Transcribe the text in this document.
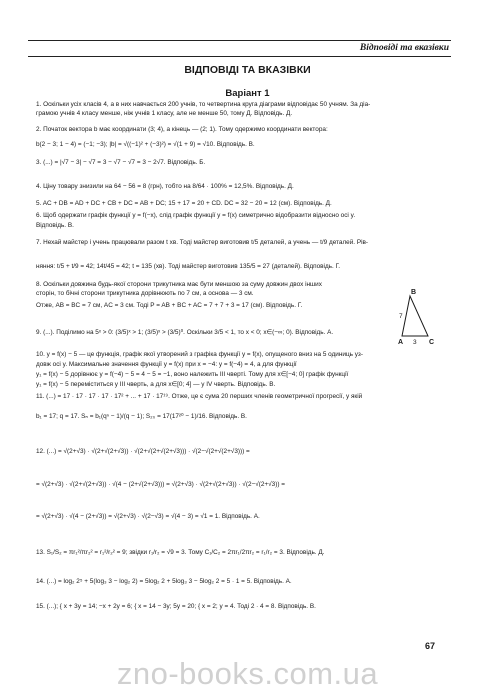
Відповіді та вказівки
ВІДПОВІДІ ТА ВКАЗІВКИ
Варіант 1
1. Оскільки усіх класів 4, а в них навчається 200 учнів, то четвертина круга діаграми відповідає 50 учням. За діа-
грамою учнів 4 класу менше, ніж учнів 1 класу, але не менше 50, тому Д. Відповідь. Д.
2. Початок вектора b має координати (3; 4), а кінець — (2; 1). Тому одержимо координати вектора:
b(2 − 3; 1 − 4) = (−1; −3); |b| = √((−1)² + (−3)²) = √(1 + 9) = √10. Відповідь. В.
3. (...) = |√7 − 3| − √7 = 3 − √7 − √7 = 3 − 2√7. Відповідь. Б.
4. Ціну товару знизили на 64 − 56 = 8 (грн), тобто на 8/64 · 100% = 12,5%. Відповідь. Д.
5. AC + DB = AD + DC + CB + DC = AB + DC; 15 + 17 = 20 + CD. DC = 32 − 20 = 12 (см). Відповідь. Д.
6. Щоб одержати графік функції y = f(−x), слід графік функції y = f(x) симетрично відобразити відносно осі y.
Відповідь. В.
7. Нехай майстер і учень працювали разом t хв. Тоді майстер виготовив t/5 деталей, а учень — t/9 деталей. Рів-
няння: t/5 + t/9 = 42; 14t/45 = 42; t = 135 (хв). Тоді майстер виготовив 135/5 = 27 (деталей). Відповідь. Г.
8. Оскільки довжина будь-якої сторони трикутника має бути меншою за суму довжин двох інших
сторін, то бічні сторони трикутника дорівнюють по 7 см, а основа — 3 см.
Отже, AB = BC = 7 см, AC = 3 см. Тоді P = AB + BC + AC = 7 + 7 + 3 = 17 (см). Відповідь. Г.
B
A	C
7
3
9. (...). Поділимо на 5ˣ > 0: (3/5)ˣ > 1; (3/5)ˣ > (3/5)⁰. Оскільки 3/5 < 1, то x < 0; x∈(−∞; 0). Відповідь. А.
10. y = f(x) − 5 — це функція, графік якої утворений з графіка функції y = f(x), опущеного вниз на 5 одиниць уз-
довж осі y. Максимальне значення функції y = f(x) при x = −4: y = f(−4) = 4, а для функції
y₁ = f(x) − 5 дорівнює y = f(−4) − 5 = 4 − 5 = −1, воно належить ІІІ чверті. Тому для x∈[−4; 0] графік функції
y₁ = f(x) − 5 переміститься у ІІІ чверть, а для x∈[0; 4] — у IV чверть. Відповідь. В.
11. (...) = 17 · 17 · 17 · 17 · 17² + ... + 17 · 17¹⁹. Отже, це є сума 20 перших членів геометричної прогресії, у якій
b₁ = 17; q = 17. Sₙ = b₁(qⁿ − 1)/(q − 1); S₂₀ = 17(17²⁰ − 1)/16. Відповідь. В.
12. (...) = √(2+√3) · √(2+√(2+√3)) · √(2+√(2+√(2+√3))) · √(2−√(2+√(2+√3))) =
= √(2+√3) · √(2+√(2+√3)) · √(4 − (2+√(2+√3))) = √(2+√3) · √(2+√(2+√3)) · √(2−√(2+√3)) =
= √(2+√3) · √(4 − (2+√3)) = √(2+√3) · √(2−√3) = √(4 − 3) = √1 = 1. Відповідь. А.
13. S₁/S₂ = πr₁²/πr₂² = r₁²/r₂² = 9; звідки r₁/r₂ = √9 = 3. Тому C₁/C₂ = 2πr₁/2πr₂ = r₁/r₂ = 3. Відповідь. Д.
14. (...) = log₂ 2⁵ + 5(log₃ 3 − log₂ 2) = 5log₂ 2 + 5log₃ 3 − 5log₂ 2 = 5 · 1 = 5. Відповідь. А.
15. (...); { x + 3y = 14; −x + 2y = 6; { x = 14 − 3y; 5y = 20; { x = 2; y = 4. Тоді 2 · 4 = 8. Відповідь. В.
67
zno-books.com.ua
